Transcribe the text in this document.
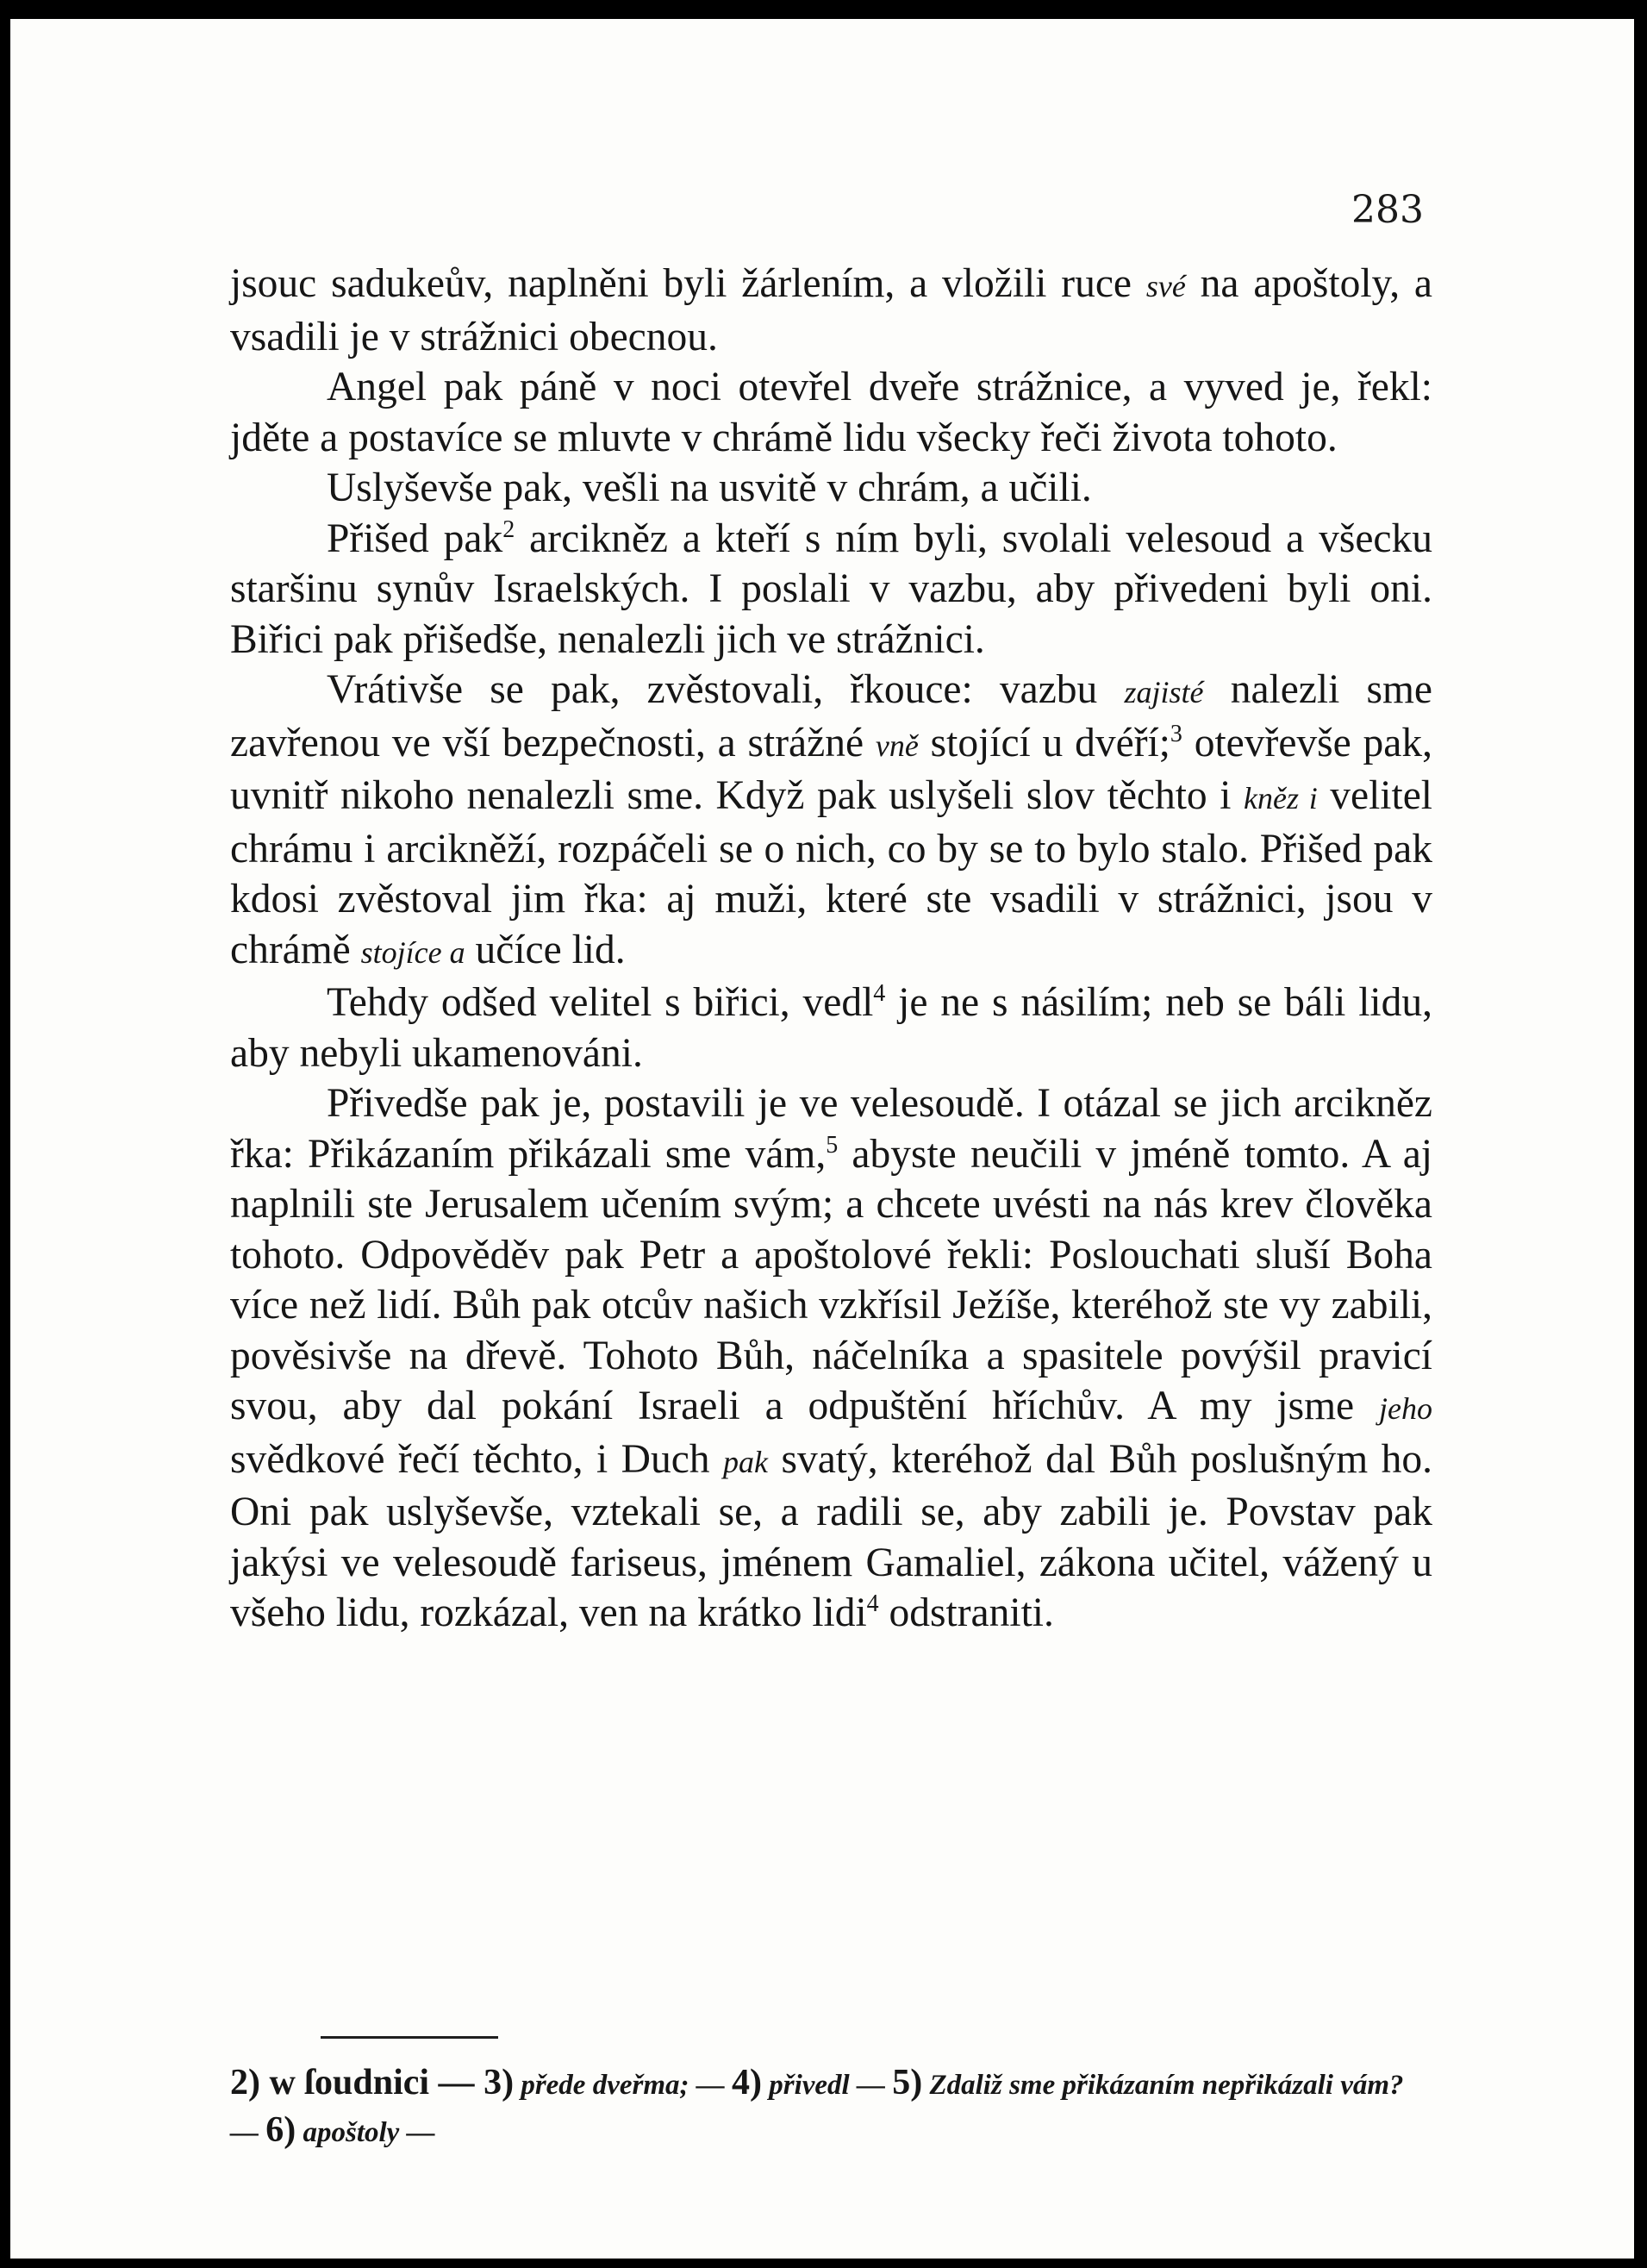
283

jsouc sadukeův, naplněni byli žárlením, a vložili ruce své na apoštoly, a vsadili je v strážnici obecnou.

Angel pak páně v noci otevřel dveře strážnice, a vyved je, řekl: jděte a postavíce se mluvte v chrámě lidu všecky řeči života tohoto.

Uslyševše pak, vešli na usvitě v chrám, a učili.

Přišed pak$^2$ arcikněz a kteří s ním byli, svolali velesoud a všecku staršinu synův Israelských. I poslali v vazbu, aby přivedeni byli oni. Biřici pak přišedše, nenalezli jich ve strážnici.

Vrátivše se pak, zvěstovali, řkouce: vazbu zajisté nalezli sme zavřenou ve vší bezpečnosti, a strážné vně stojící u dvéří;$^3$ otevřevše pak, uvnitř nikoho nenalezli sme. Když pak uslyšeli slov těchto i kněz i velitel chrámu i arcikněží, rozpáčeli se o nich, co by se to bylo stalo. Přišed pak kdosi zvěstoval jim řka: aj muži, které ste vsadili v strážnici, jsou v chrámě stojíce a učíce lid.

Tehdy odšed velitel s biřici, vedl$^4$ je ne s násilím; neb se báli lidu, aby nebyli ukamenováni.

Přivedše pak je, postavili je ve velesoudě. I otázal se jich arcikněz řka: Přikázaním přikázali sme vám,$^5$ abyste neučili v jméně tomto. A aj naplnili ste Jerusalem učením svým; a chcete uvésti na nás krev člověka tohoto. Odpověděv pak Petr a apoštolové řekli: Poslouchati sluší Boha více než lidí. Bůh pak otcův našich vzkřísil Ježíše, kteréhož ste vy zabili, pověsivše na dřevě. Tohoto Bůh, náčelníka a spasitele povýšil pravicí svou, aby dal pokání Israeli a odpuštění hříchův. A my jsme jeho svědkové řečí těchto, i Duch pak svatý, kteréhož dal Bůh poslušným ho. Oni pak uslyševše, vztekali se, a radili se, aby zabili je. Povstav pak jakýsi ve velesoudě fariseus, jménem Gamaliel, zákona učitel, vážený u všeho lidu, rozkázal, ven na krátko lidi$^4$ odstraniti.

2) w ſoudnici — 3) přede dveřma; — 4) přivedl — 5) Zdaliž sme přikázaním nepřikázali vám? — 6) apoštoly —
